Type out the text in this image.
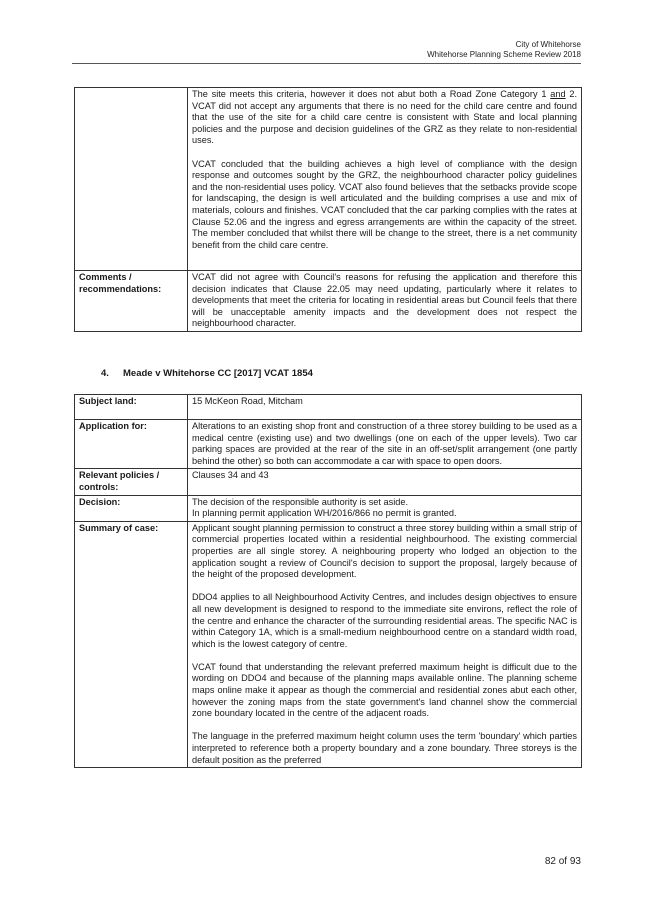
City of Whitehorse
Whitehorse Planning Scheme Review 2018

	The site meets this criteria, however it does not abut both a Road Zone Category 1 and 2. VCAT did not accept any arguments that there is no need for the child care centre and found that the use of the site for a child care centre is consistent with State and local planning policies and the purpose and decision guidelines of the GRZ as they relate to non-residential uses.

VCAT concluded that the building achieves a high level of compliance with the design response and outcomes sought by the GRZ, the neighbourhood character policy guidelines and the non-residential uses policy. VCAT also found believes that the setbacks provide scope for landscaping, the design is well articulated and the building comprises a use and mix of materials, colours and finishes. VCAT concluded that the car parking complies with the rates at Clause 52.06 and the ingress and egress arrangements are within the capacity of the street. The member concluded that whilst there will be change to the street, there is a net community benefit from the child care centre.

Comments / recommendations:	VCAT did not agree with Council's reasons for refusing the application and therefore this decision indicates that Clause 22.05 may need updating, particularly where it relates to developments that meet the criteria for locating in residential areas but Council feels that there will be unacceptable amenity impacts and the development does not respect the neighbourhood character.
4. Meade v Whitehorse CC [2017] VCAT 1854
Subject land:	15 McKeon Road, Mitcham
Application for:	Alterations to an existing shop front and construction of a three storey building to be used as a medical centre (existing use) and two dwellings (one on each of the upper levels). Two car parking spaces are provided at the rear of the site in an off-set/split arrangement (one partly behind the other) so both can accommodate a car with space to open doors.
Relevant policies / controls:	Clauses 34 and 43
Decision:	The decision of the responsible authority is set aside.
In planning permit application WH/2016/866 no permit is granted.

Summary of case:	Applicant sought planning permission to construct a three storey building within a small strip of commercial properties located within a residential neighbourhood. The existing commercial properties are all single storey. A neighbouring property who lodged an objection to the application sought a review of Council's decision to support the proposal, largely because of the height of the proposed development.

DDO4 applies to all Neighbourhood Activity Centres, and includes design objectives to ensure all new development is designed to respond to the immediate site environs, reflect the role of the centre and enhance the character of the surrounding residential areas. The specific NAC is within Category 1A, which is a small-medium neighbourhood centre on a standard width road, which is the lowest category of centre.

VCAT found that understanding the relevant preferred maximum height is difficult due to the wording on DDO4 and because of the planning maps available online. The planning scheme maps online make it appear as though the commercial and residential zones abut each other, however the zoning maps from the state government's land channel show the commercial zone boundary located in the centre of the adjacent roads.

The language in the preferred maximum height column uses the term 'boundary' which parties interpreted to reference both a property boundary and a zone boundary. Three storeys is the default position as the preferred

82 of 93
